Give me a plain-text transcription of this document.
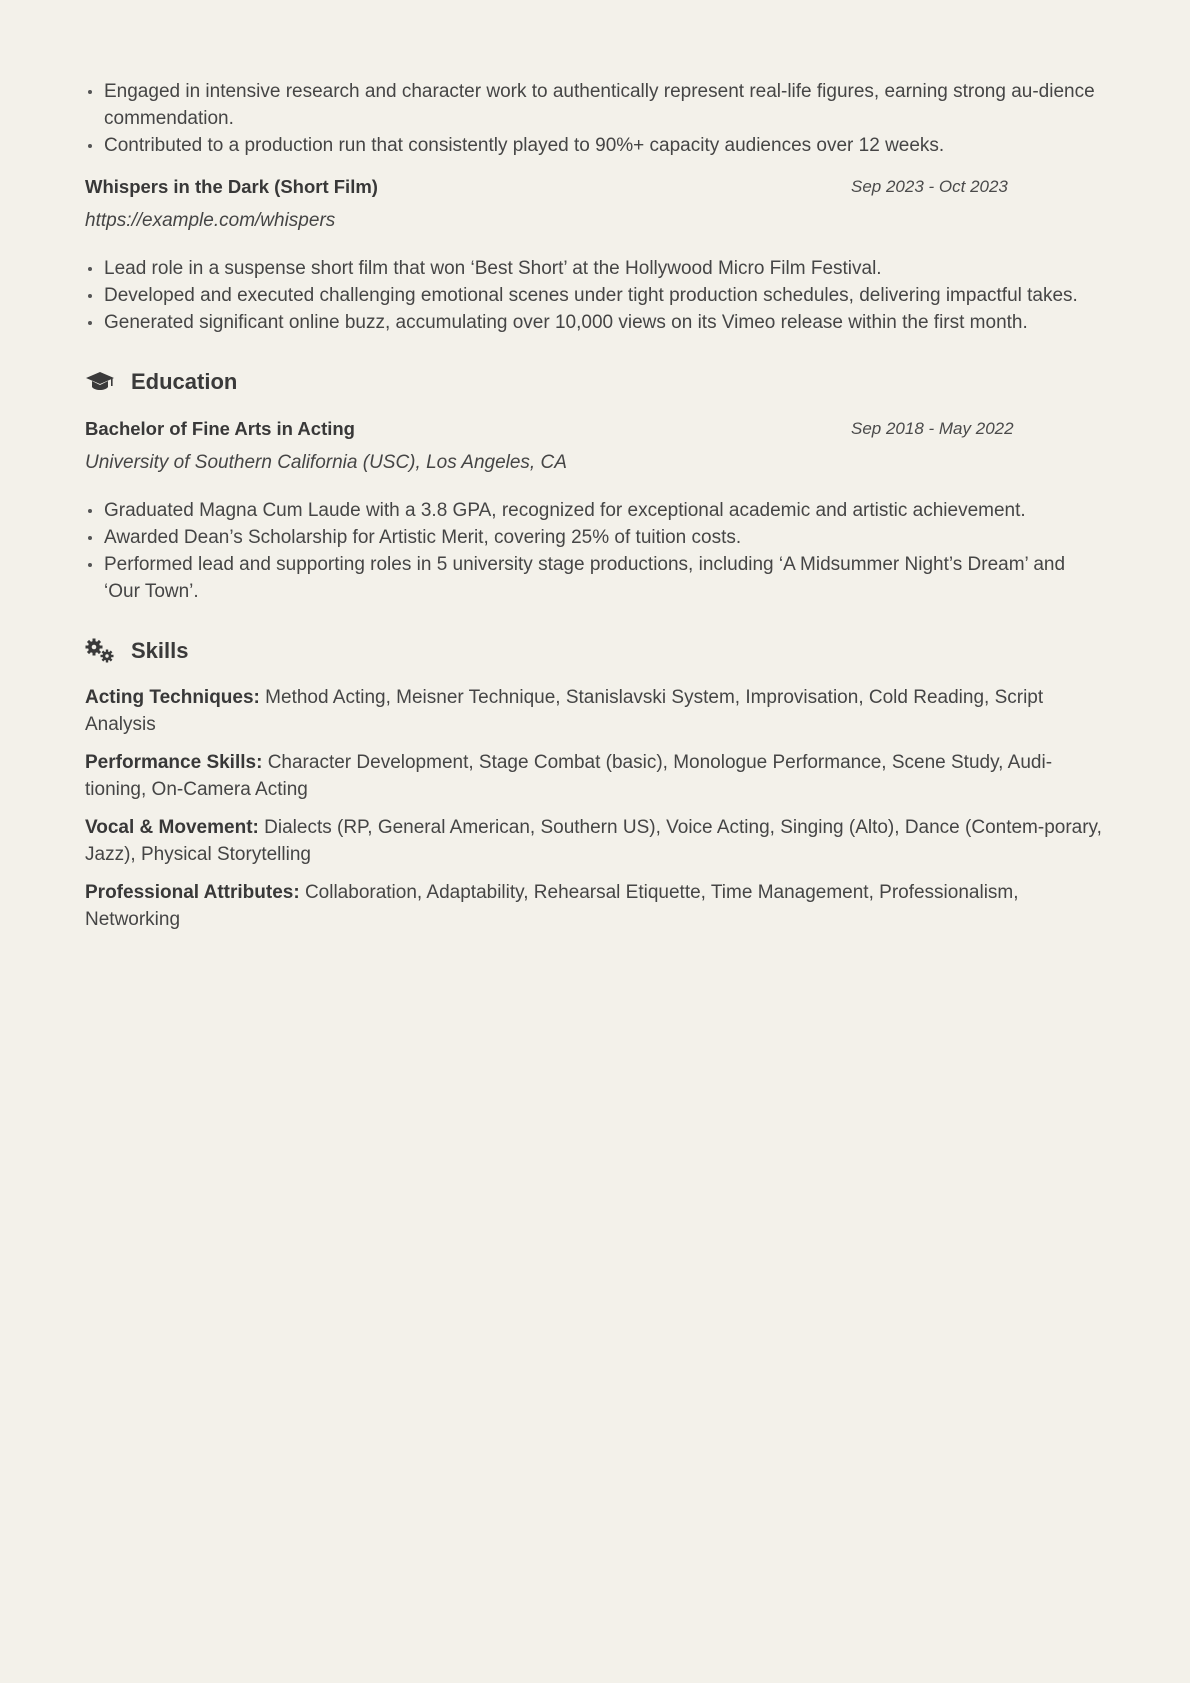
Engaged in intensive research and character work to authentically represent real-life figures, earning strong au-dience commendation.
Contributed to a production run that consistently played to 90%+ capacity audiences over 12 weeks.
Whispers in the Dark (Short Film)	Sep 2023 - Oct 2023
https://example.com/whispers
Lead role in a suspense short film that won ‘Best Short’ at the Hollywood Micro Film Festival.
Developed and executed challenging emotional scenes under tight production schedules, delivering impactful takes.
Generated significant online buzz, accumulating over 10,000 views on its Vimeo release within the first month.
Education
Bachelor of Fine Arts in Acting	Sep 2018 - May 2022
University of Southern California (USC), Los Angeles, CA
Graduated Magna Cum Laude with a 3.8 GPA, recognized for exceptional academic and artistic achievement.
Awarded Dean’s Scholarship for Artistic Merit, covering 25% of tuition costs.
Performed lead and supporting roles in 5 university stage productions, including ‘A Midsummer Night’s Dream’ and ‘Our Town’.
Skills
Acting Techniques: Method Acting, Meisner Technique, Stanislavski System, Improvisation, Cold Reading, Script Analysis
Performance Skills: Character Development, Stage Combat (basic), Monologue Performance, Scene Study, Audi-tioning, On-Camera Acting
Vocal & Movement: Dialects (RP, General American, Southern US), Voice Acting, Singing (Alto), Dance (Contem-porary, Jazz), Physical Storytelling
Professional Attributes: Collaboration, Adaptability, Rehearsal Etiquette, Time Management, Professionalism, Networking
